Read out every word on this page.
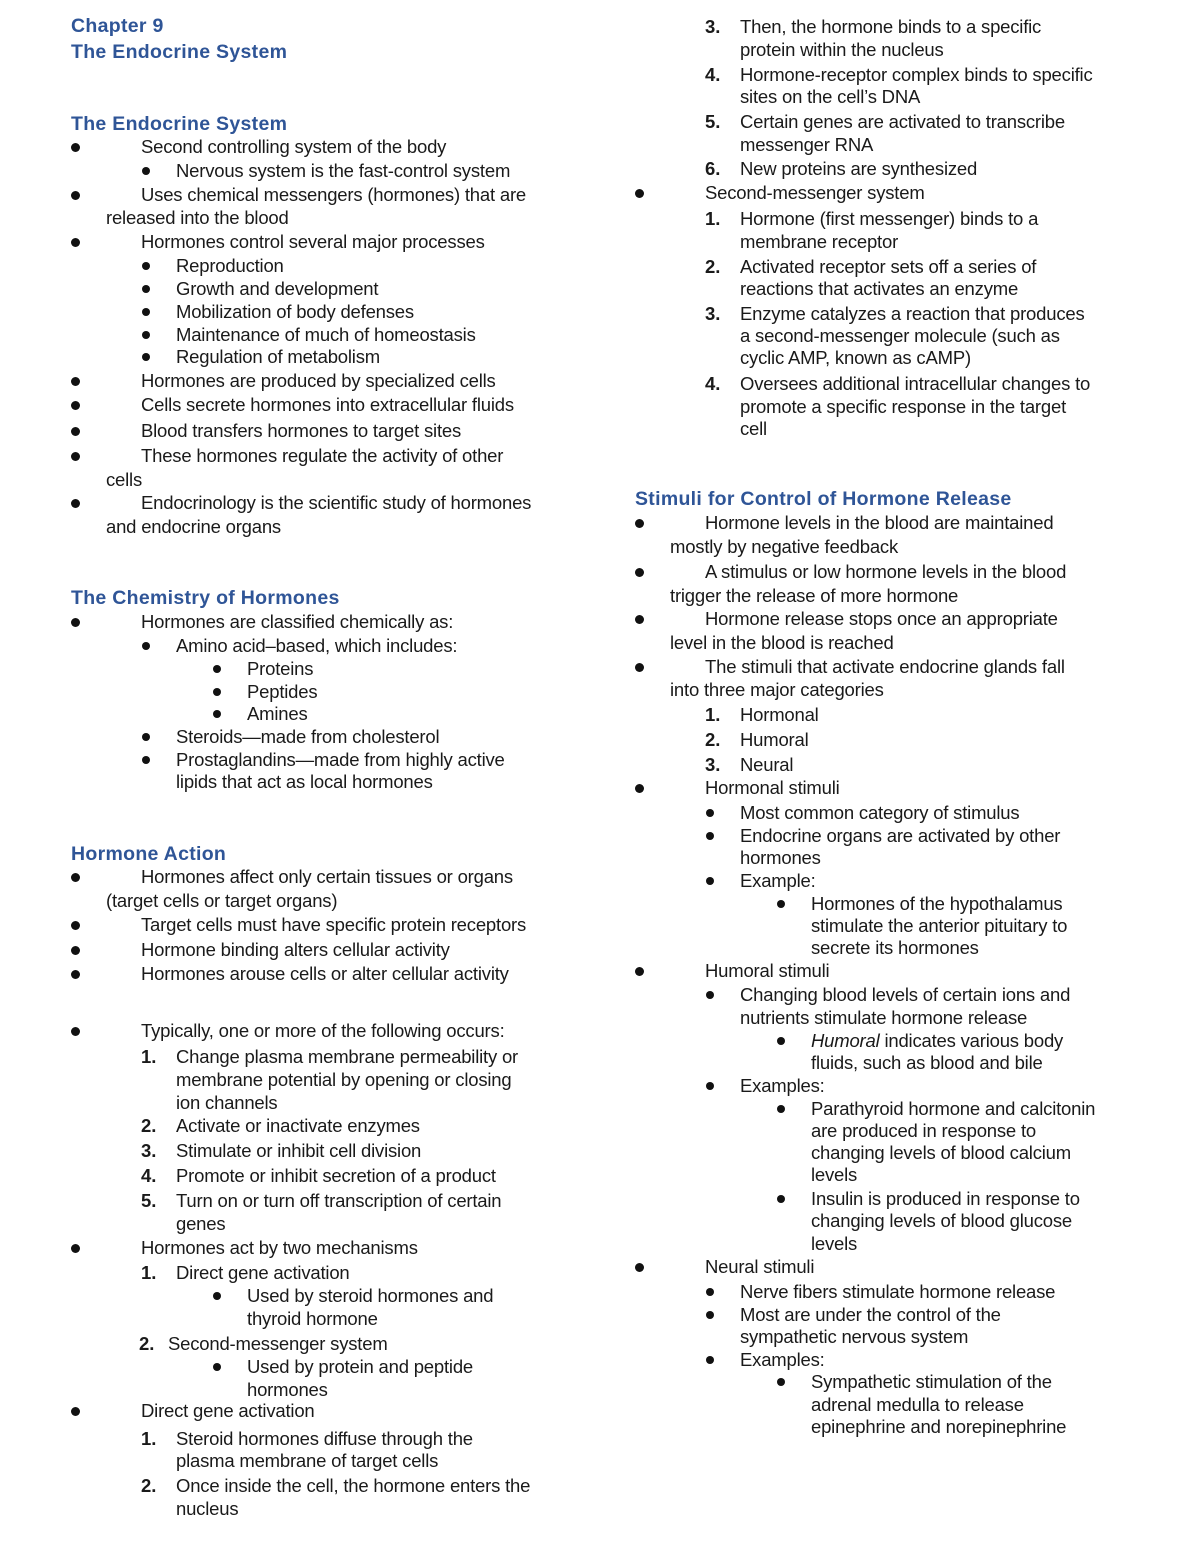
Chapter 9
The Endocrine System
The Endocrine System
Second controlling system of the body
Nervous system is the fast-control system
Uses chemical messengers (hormones) that are
released into the blood
Hormones control several major processes
Reproduction
Growth and development
Mobilization of body defenses
Maintenance of much of homeostasis
Regulation of metabolism
Hormones are produced by specialized cells
Cells secrete hormones into extracellular fluids
Blood transfers hormones to target sites
These hormones regulate the activity of other
cells
Endocrinology is the scientific study of hormones
and endocrine organs
The Chemistry of Hormones
Hormones are classified chemically as:
Amino acid–based, which includes:
Proteins
Peptides
Amines
Steroids—made from cholesterol
Prostaglandins—made from highly active
lipids that act as local hormones
Hormone Action
Hormones affect only certain tissues or organs
(target cells or target organs)
Target cells must have specific protein receptors
Hormone binding alters cellular activity
Hormones arouse cells or alter cellular activity
Typically, one or more of the following occurs:
1. Change plasma membrane permeability or
membrane potential by opening or closing
ion channels
2. Activate or inactivate enzymes
3. Stimulate or inhibit cell division
4. Promote or inhibit secretion of a product
5. Turn on or turn off transcription of certain
genes
Hormones act by two mechanisms
1. Direct gene activation
Used by steroid hormones and
thyroid hormone
2. Second-messenger system
Used by protein and peptide
hormones
Direct gene activation
1. Steroid hormones diffuse through the
plasma membrane of target cells
2. Once inside the cell, the hormone enters the
nucleus
3. Then, the hormone binds to a specific
protein within the nucleus
4. Hormone-receptor complex binds to specific
sites on the cell’s DNA
5. Certain genes are activated to transcribe
messenger RNA
6. New proteins are synthesized
Second-messenger system
1. Hormone (first messenger) binds to a
membrane receptor
2. Activated receptor sets off a series of
reactions that activates an enzyme
3. Enzyme catalyzes a reaction that produces
a second-messenger molecule (such as
cyclic AMP, known as cAMP)
4. Oversees additional intracellular changes to
promote a specific response in the target
cell
Stimuli for Control of Hormone Release
Hormone levels in the blood are maintained
mostly by negative feedback
A stimulus or low hormone levels in the blood
trigger the release of more hormone
Hormone release stops once an appropriate
level in the blood is reached
The stimuli that activate endocrine glands fall
into three major categories
1. Hormonal
2. Humoral
3. Neural
Hormonal stimuli
Most common category of stimulus
Endocrine organs are activated by other
hormones
Example:
Hormones of the hypothalamus
stimulate the anterior pituitary to
secrete its hormones
Humoral stimuli
Changing blood levels of certain ions and
nutrients stimulate hormone release
Humoral indicates various body
fluids, such as blood and bile
Examples:
Parathyroid hormone and calcitonin
are produced in response to
changing levels of blood calcium
levels
Insulin is produced in response to
changing levels of blood glucose
levels
Neural stimuli
Nerve fibers stimulate hormone release
Most are under the control of the
sympathetic nervous system
Examples:
Sympathetic stimulation of the
adrenal medulla to release
epinephrine and norepinephrine
